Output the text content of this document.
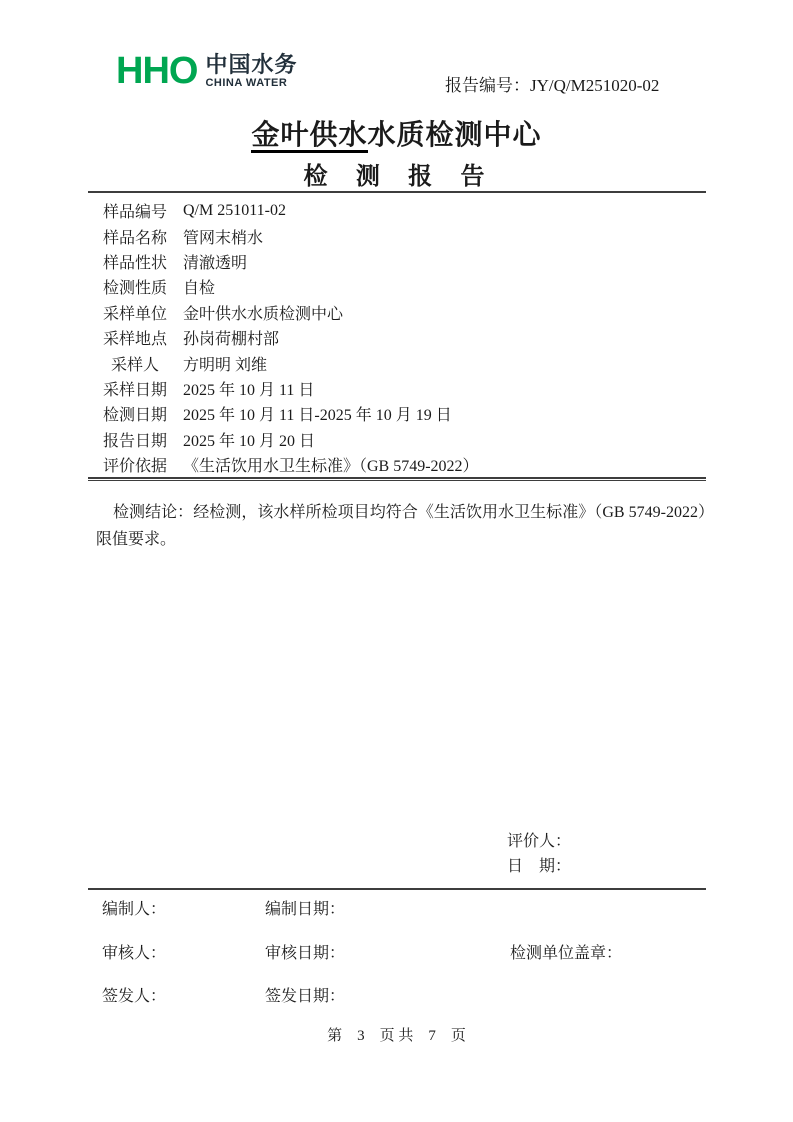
HHO 中国水务
CHINA WATER	报告编号：JY/Q/M251020-02
金叶供水水质检测中心
检  测  报  告
样品编号 Q/M 251011-02
样品名称 管网末梢水
样品性状 清澈透明
检测性质 自检
采样单位 金叶供水水质检测中心
采样地点 孙岗荷棚村部
采样人	方明明 刘维
采样日期 2025 年 10 月 11 日
检测日期 2025 年 10 月 11 日-2025 年 10 月 19 日
报告日期 2025 年 10 月 20 日
评价依据 《生活饮用水卫生标准》（GB 5749-2022）
检测结论：经检测，该水样所检项目均符合《生活饮用水卫生标准》（GB 5749-2022）限值要求。
评价人：
日　期：
编制人：	编制日期：
审核人：	审核日期：	检测单位盖章：
签发人：	签发日期：
第　3　页 共　7　页
